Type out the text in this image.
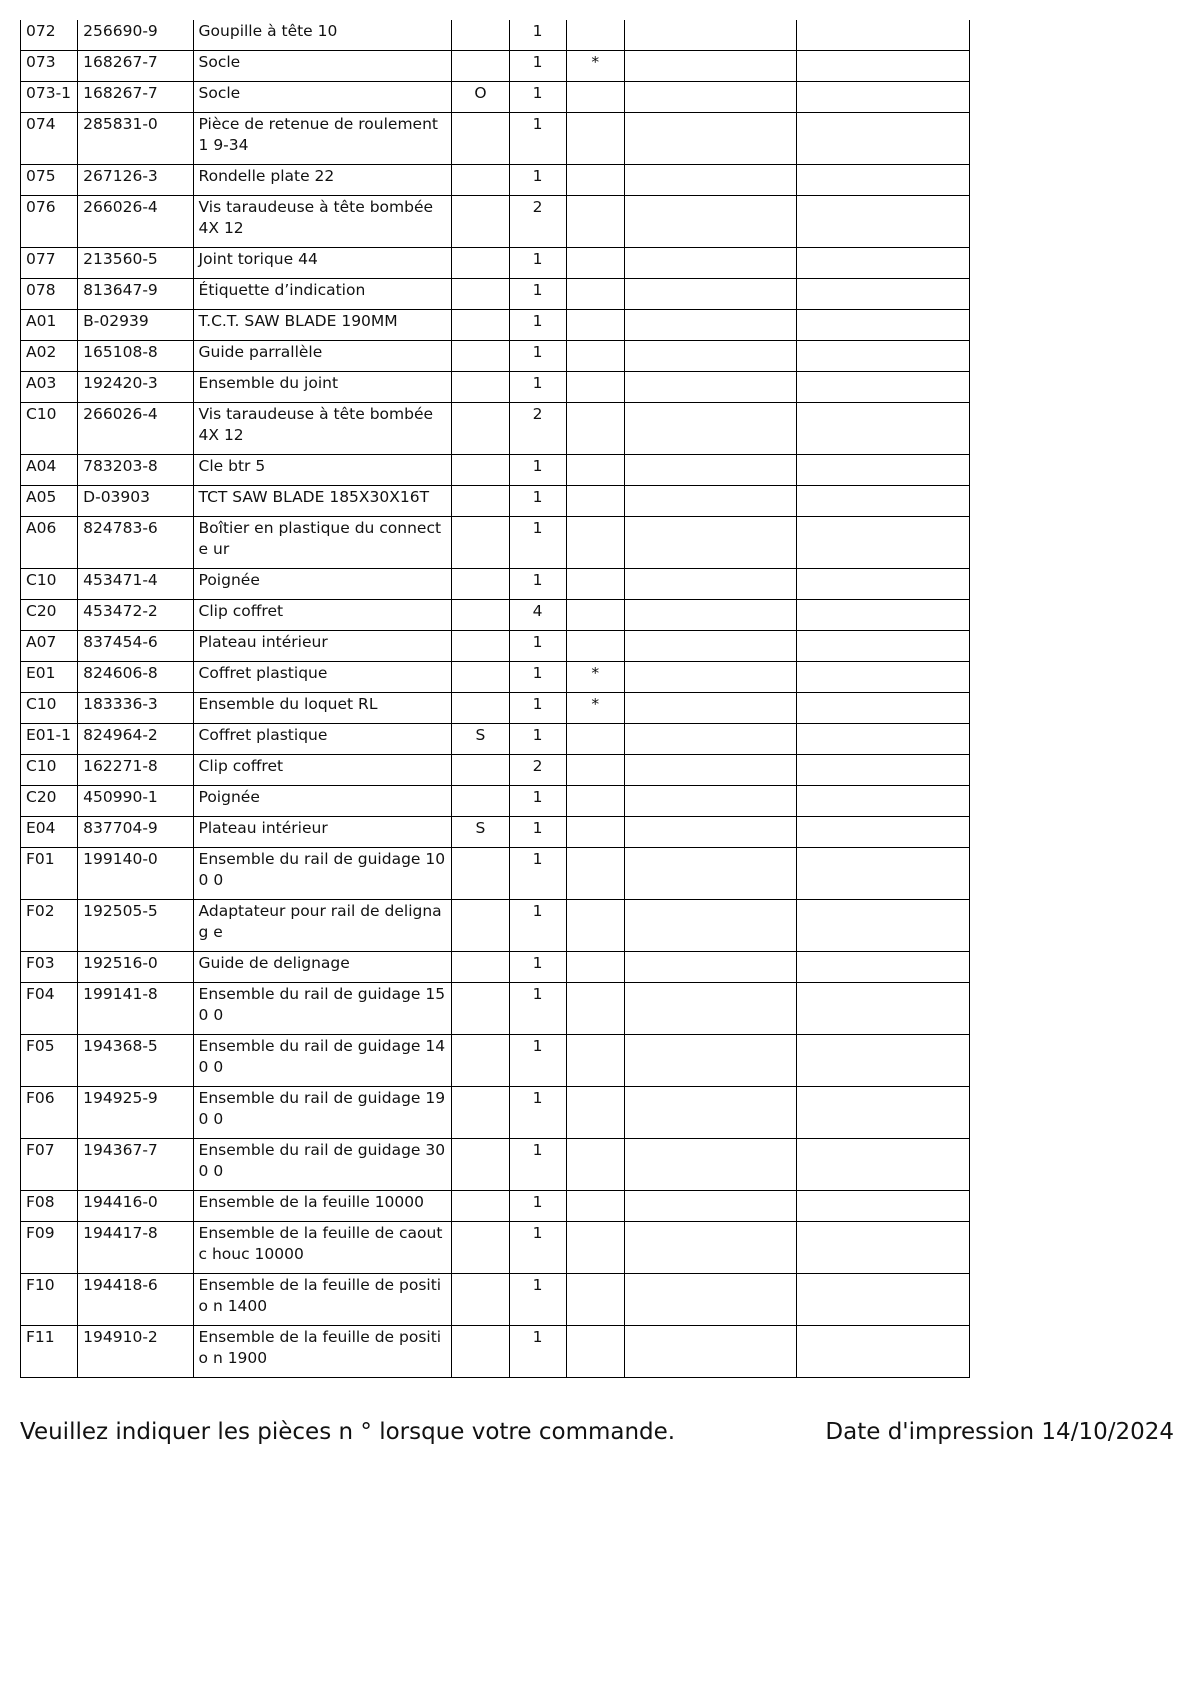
072	256690-9	Goupille à tête 10		1			
073	168267-7	Socle		1	*		
073-1	168267-7	Socle	O	1			
074	285831-0	Pièce de retenue de roulement 1 9-34		1			
075	267126-3	Rondelle plate 22		1			
076	266026-4	Vis taraudeuse à tête bombée 4X 12		2			
077	213560-5	Joint torique 44		1			
078	813647-9	Étiquette d’indication		1			
A01	B-02939	T.C.T. SAW BLADE 190MM		1			
A02	165108-8	Guide parrallèle		1			
A03	192420-3	Ensemble du joint		1			
C10	266026-4	Vis taraudeuse à tête bombée 4X 12		2			
A04	783203-8	Cle btr 5		1			
A05	D-03903	TCT SAW BLADE 185X30X16T		1			
A06	824783-6	Boîtier en plastique du connecte ur		1			
C10	453471-4	Poignée		1			
C20	453472-2	Clip coffret		4			
A07	837454-6	Plateau intérieur		1			
E01	824606-8	Coffret plastique		1	*		
C10	183336-3	Ensemble du loquet RL		1	*		
E01-1	824964-2	Coffret plastique	S	1			
C10	162271-8	Clip coffret		2			
C20	450990-1	Poignée		1			
E04	837704-9	Plateau intérieur	S	1			
F01	199140-0	Ensemble du rail de guidage 100 0		1			
F02	192505-5	Adaptateur pour rail de delignag e		1			
F03	192516-0	Guide de delignage		1			
F04	199141-8	Ensemble du rail de guidage 150 0		1			
F05	194368-5	Ensemble du rail de guidage 140 0		1			
F06	194925-9	Ensemble du rail de guidage 190 0		1			
F07	194367-7	Ensemble du rail de guidage 300 0		1			
F08	194416-0	Ensemble de la feuille 10000		1			
F09	194417-8	Ensemble de la feuille de caoutc houc 10000		1			
F10	194418-6	Ensemble de la feuille de positio n 1400		1			
F11	194910-2	Ensemble de la feuille de positio n 1900		1			
Veuillez indiquer les pièces n ° lorsque votre commande.	Date d'impression 14/10/2024
